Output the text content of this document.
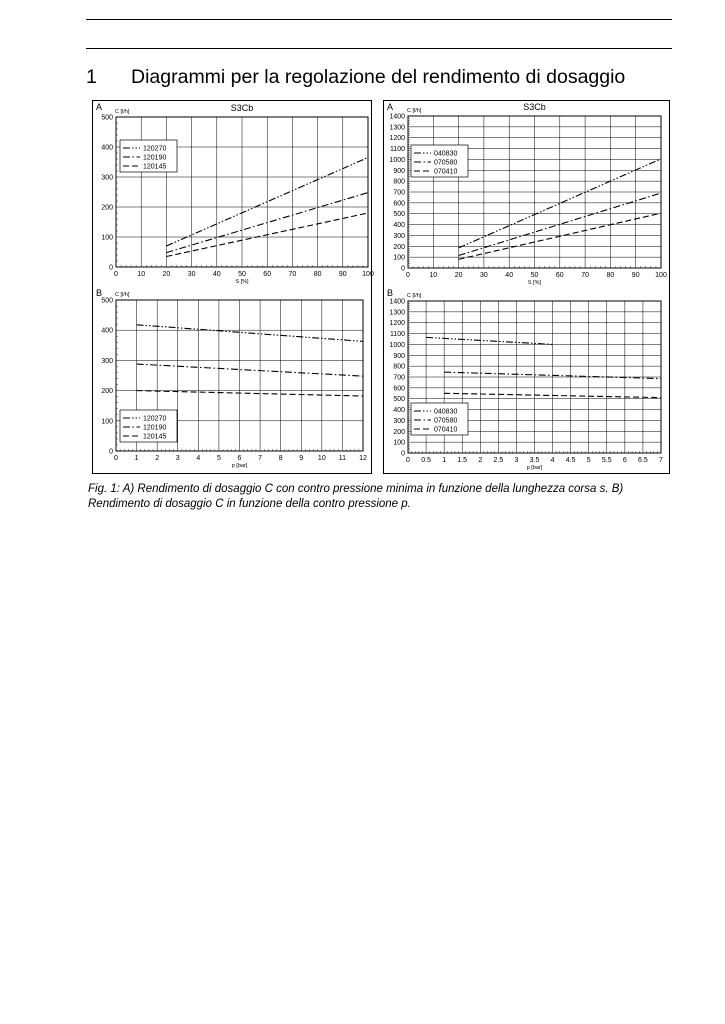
1 Diagrammi per la regolazione del rendimento di dosaggio
A C [l/h]	S3Cb
0	10 20 30 40 50 60 70 80 90 100
0
100
200
300
400
500
S [%]
120270
120190
120145
B C [l/h]
0 1 2 3 4 5 6 7 8 9 10 11 12
0
100
200
300
400
500
p [bar]
120270
120190
120145
A	C [l/h]	S3Cb
0	10	20	30	40	50	60	70	80	90 100
0
100
200
300
400
500
600
700
800
900
1000
1100
1200
1300
1400
S [%]
040830
070580
070410
B	C [l/h]
0 0.5 1 1.5 2 2.5 3 3.5 4 4.5 5 5.5 6 6.5 7
0
100
200
300
400
500
600
700
800
900
1000
1100
1200
1300
1400
p [bar]
040830
070580
070410
Fig. 1: A) Rendimento di dosaggio C con contro pressione minima in funzione della lunghezza corsa s. B) Rendimento di dosaggio C in funzione della contro pressione p.
